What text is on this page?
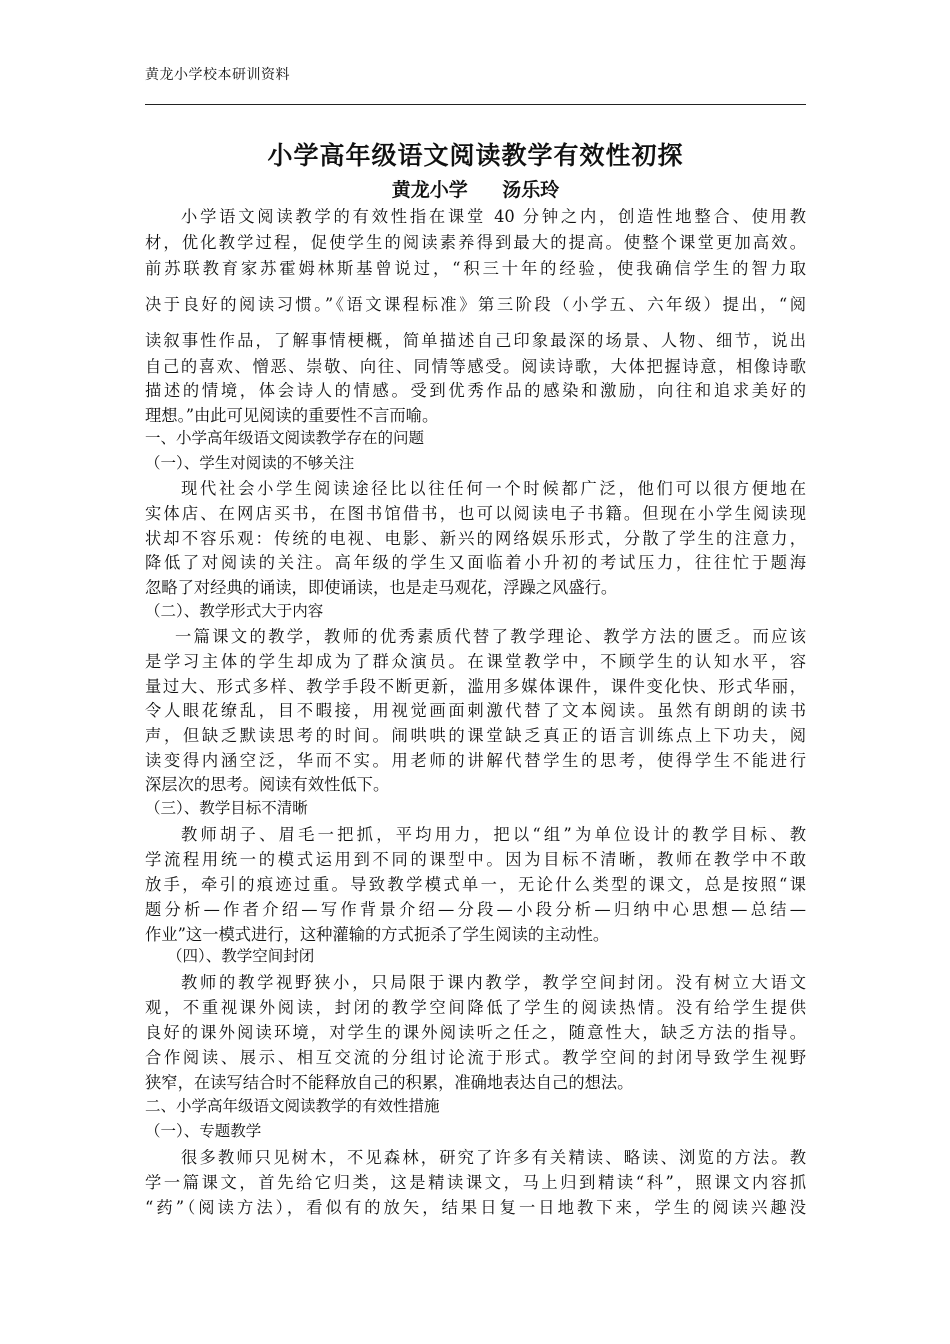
黄龙小学校本研训资料
小学高年级语文阅读教学有效性初探
黄龙小学 汤乐玲
小学语文阅读教学的有效性指在课堂 40 分钟之内，创造性地整合、使用教
材，优化教学过程，促使学生的阅读素养得到最大的提高。使整个课堂更加高效。
前苏联教育家苏霍姆林斯基曾说过，“积三十年的经验，使我确信学生的智力取
决于良好的阅读习惯。”《语文课程标准》第三阶段（小学五、六年级）提出，“阅
读叙事性作品，了解事情梗概，简单描述自己印象最深的场景、人物、细节，说出
自己的喜欢、憎恶、崇敬、向往、同情等感受。阅读诗歌，大体把握诗意，相像诗歌
描述的情境，体会诗人的情感。受到优秀作品的感染和激励，向往和追求美好的
理想。”由此可见阅读的重要性不言而喻。
一、小学高年级语文阅读教学存在的问题
（一）、学生对阅读的不够关注
现代社会小学生阅读途径比以往任何一个时候都广泛，他们可以很方便地在
实体店、在网店买书，在图书馆借书，也可以阅读电子书籍。但现在小学生阅读现
状却不容乐观：传统的电视、电影、新兴的网络娱乐形式，分散了学生的注意力，
降低了对阅读的关注。高年级的学生又面临着小升初的考试压力，往往忙于题海
忽略了对经典的诵读，即使诵读，也是走马观花，浮躁之风盛行。
（二）、教学形式大于内容
一篇课文的教学，教师的优秀素质代替了教学理论、教学方法的匮乏。而应该
是学习主体的学生却成为了群众演员。在课堂教学中，不顾学生的认知水平，容
量过大、形式多样、教学手段不断更新，滥用多媒体课件，课件变化快、形式华丽，
令人眼花缭乱，目不暇接，用视觉画面刺激代替了文本阅读。虽然有朗朗的读书
声，但缺乏默读思考的时间。闹哄哄的课堂缺乏真正的语言训练点上下功夫，阅
读变得内涵空泛，华而不实。用老师的讲解代替学生的思考，使得学生不能进行
深层次的思考。阅读有效性低下。
（三）、教学目标不清晰
教师胡子、眉毛一把抓，平均用力，把以“组”为单位设计的教学目标、教
学流程用统一的模式运用到不同的课型中。因为目标不清晰，教师在教学中不敢
放手，牵引的痕迹过重。导致教学模式单一，无论什么类型的课文，总是按照“课
题分析—作者介绍—写作背景介绍—分段—小段分析—归纳中心思想—总结—
作业”这一模式进行，这种灌输的方式扼杀了学生阅读的主动性。
（四）、教学空间封闭
教师的教学视野狭小，只局限于课内教学，教学空间封闭。没有树立大语文
观，不重视课外阅读，封闭的教学空间降低了学生的阅读热情。没有给学生提供
良好的课外阅读环境，对学生的课外阅读听之任之，随意性大，缺乏方法的指导。
合作阅读、展示、相互交流的分组讨论流于形式。教学空间的封闭导致学生视野
狭窄，在读写结合时不能释放自己的积累，准确地表达自己的想法。
二、小学高年级语文阅读教学的有效性措施
（一）、专题教学
很多教师只见树木，不见森林，研究了许多有关精读、略读、浏览的方法。教
学一篇课文，首先给它归类，这是精读课文，马上归到精读“科”，照课文内容抓
“药”（阅读方法），看似有的放矢，结果日复一日地教下来，学生的阅读兴趣没
